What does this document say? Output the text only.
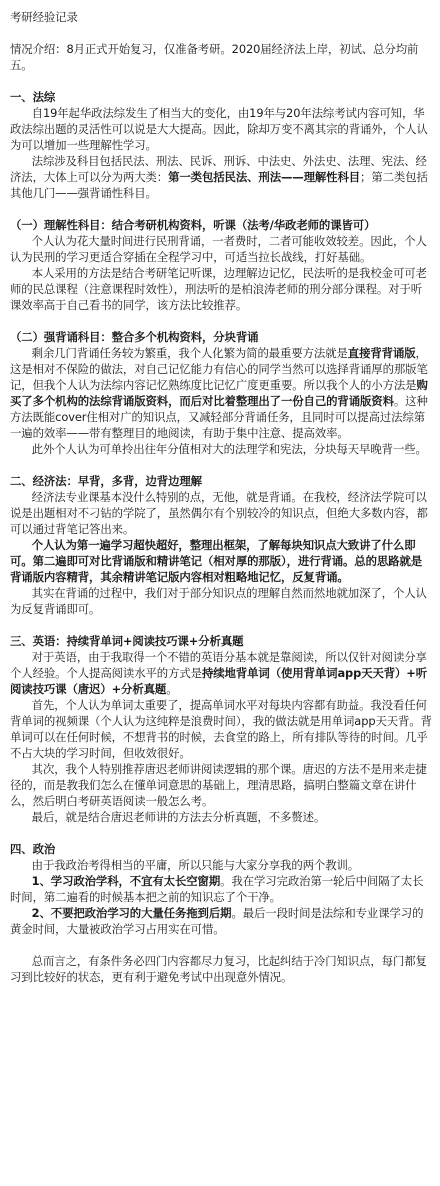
考研经验记录

情况介绍：8月正式开始复习，仅准备考研。2020届经济法上岸，初试、总分均前五。

一、法综

自19年起华政法综发生了相当大的变化，由19年与20年法综考试内容可知，华政法综出题的灵活性可以说是大大提高。因此，除却万变不离其宗的背诵外，个人认为可以增加一些理解性学习。

法综涉及科目包括民法、刑法、民诉、刑诉、中法史、外法史、法理、宪法、经济法，大体上可以分为两大类：第一类包括民法、刑法——理解性科目；第二类包括其他几门——强背诵性科目。

（一）理解性科目：结合考研机构资料，听课（法考/华政老师的课皆可）

个人认为花大量时间进行民刑背诵，一者费时，二者可能收效较差。因此，个人认为民刑的学习更适合穿插在全程学习中，可适当拉长战线，打好基础。

本人采用的方法是结合考研笔记听课，边理解边记忆，民法听的是我校金可可老师的民总课程（注意课程时效性），刑法听的是柏浪涛老师的刑分部分课程。对于听课效率高于自己看书的同学，该方法比较推荐。

（二）强背诵科目：整合多个机构资料，分块背诵

剩余几门背诵任务较为繁重，我个人化繁为简的最重要方法就是直接背背诵版，这是相对不保险的做法，对自己记忆能力有信心的同学当然可以选择背诵厚的那版笔记，但我个人认为法综内容记忆熟练度比记忆广度更重要。所以我个人的小方法是购买了多个机构的法综背诵版资料，而后对比着整理出了一份自己的背诵版资料。这种方法既能cover住相对广的知识点，又减轻部分背诵任务，且同时可以提高过法综第一遍的效率——带有整理目的地阅读，有助于集中注意、提高效率。

此外个人认为可单拎出往年分值相对大的法理学和宪法，分块每天早晚背一些。

二、经济法：早背，多背，边背边理解

经济法专业课基本没什么特别的点，无他，就是背诵。在我校，经济法学院可以说是出题相对不刁钻的学院了，虽然偶尔有个别较冷的知识点，但绝大多数内容，都可以通过背笔记答出来。

个人认为第一遍学习超快超好，整理出框架，了解每块知识点大致讲了什么即可。第二遍即可对比背诵版和精讲笔记（相对厚的那版），进行背诵。总的思路就是背诵版内容精背，其余精讲笔记版内容相对粗略地记忆，反复背诵。

其实在背诵的过程中，我们对于部分知识点的理解自然而然地就加深了，个人认为反复背诵即可。

三、英语：持续背单词+阅读技巧课+分析真题

对于英语，由于我取得一个不错的英语分基本就是靠阅读，所以仅针对阅读分享个人经验。个人提高阅读水平的方式是持续地背单词（使用背单词app天天背）+听阅读技巧课（唐迟）+分析真题。

首先，个人认为单词太重要了，提高单词水平对每块内容都有助益。我没看任何背单词的视频课（个人认为这纯粹是浪费时间），我的做法就是用单词app天天背。背单词可以在任何时候，不想背书的时候，去食堂的路上，所有排队等待的时间。几乎不占大块的学习时间，但收效很好。

其次，我个人特别推荐唐迟老师讲阅读逻辑的那个课。唐迟的方法不是用来走捷径的，而是教我们怎么在懂单词意思的基础上，理清思路，搞明白整篇文章在讲什么，然后明白考研英语阅读一般怎么考。

最后，就是结合唐迟老师讲的方法去分析真题，不多赘述。

四、政治

由于我政治考得相当的平庸，所以只能与大家分享我的两个教训。

1、学习政治学科，不宜有太长空窗期。我在学习完政治第一轮后中间隔了太长时间，第二遍看的时候基本把之前的知识忘了个干净。

2、不要把政治学习的大量任务拖到后期。最后一段时间是法综和专业课学习的黄金时间，大量被政治学习占用实在可惜。

总而言之，有条件务必四门内容都尽力复习，比起纠结于冷门知识点，每门都复习到比较好的状态，更有利于避免考试中出现意外情况。
